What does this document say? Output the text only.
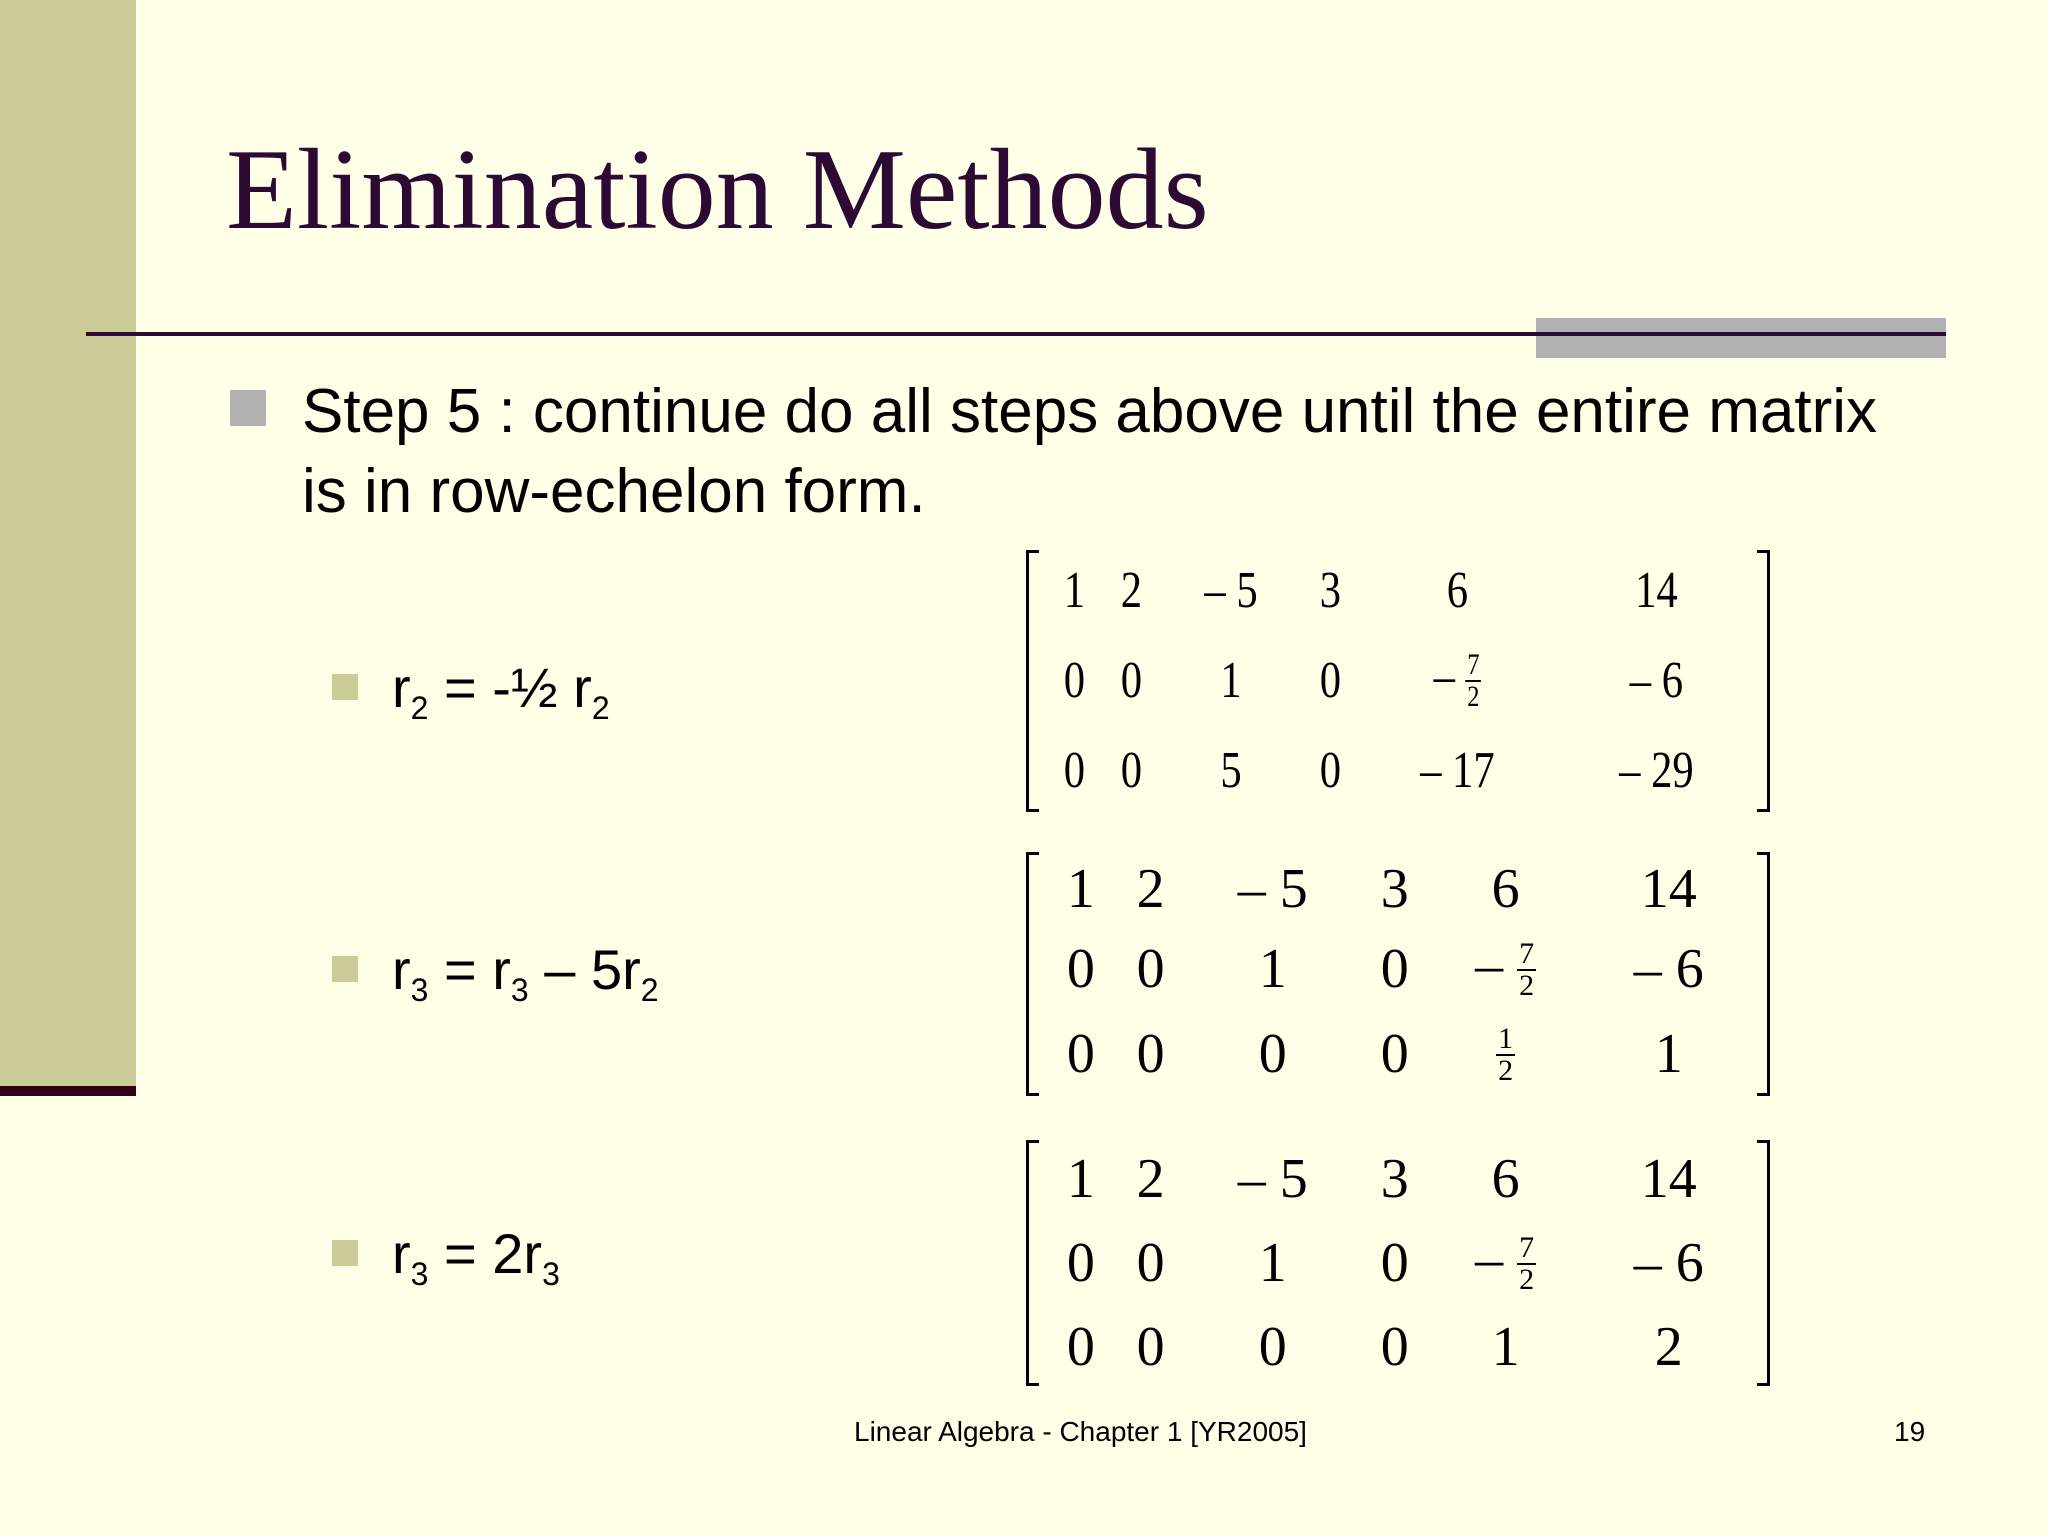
Elimination Methods
Step 5 : continue do all steps above until the entire matrix is in row-echelon form.
$r_2$ = -½ $r_2$
$r_3 = r_3 - 5r_2$
$r_3 = 2r_3$
1	2	– 5	3	6	14
0	0	1	0	– $\frac{7}{2}$	– 6
0	0	5	0	– 17	– 29
1	2	– 5	3	6	14
0	0	1	0	– $\frac{7}{2}$	– 6
0	0	0	0	$\frac{1}{2}$	1
1	2	– 5	3	6	14
0	0	1	0	– $\frac{7}{2}$	– 6
0	0	0	0	1	2
Linear Algebra - Chapter 1 [YR2005]	19
